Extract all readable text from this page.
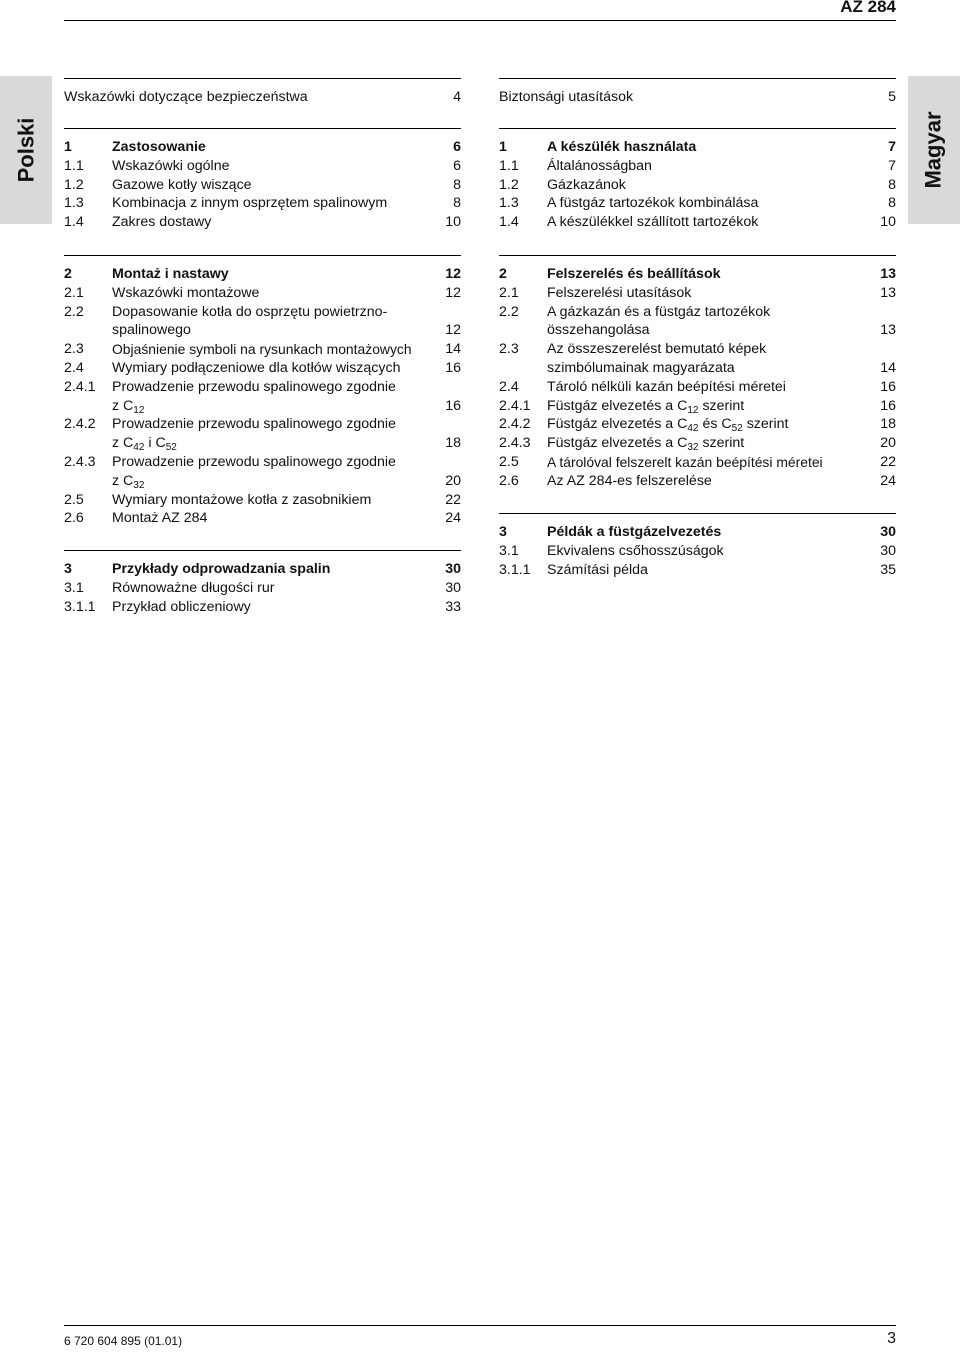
AZ 284
Polski	Magyar
Wskazówki dotyczące bezpieczeństwa	4
1	Zastosowanie	6
1.1	Wskazówki ogólne	6
1.2	Gazowe kotły wiszące	8
1.3	Kombinacja z innym osprzętem spalinowym	8
1.4	Zakres dostawy	10
2	Montaż i nastawy	12
2.1	Wskazówki montażowe	12
2.2	Dopasowanie kotła do osprzętu powietrzno-
spalinowego	12
2.3	Objaśnienie symboli na rysunkach montażowych	14
2.4	Wymiary podłączeniowe dla kotłów wiszących	16
2.4.1	Prowadzenie przewodu spalinowego zgodnie
z $C_{12}$	16
2.4.2	Prowadzenie przewodu spalinowego zgodnie
z $C_{42}$ i $C_{52}$	18
2.4.3	Prowadzenie przewodu spalinowego zgodnie
z $C_{32}$	20
2.5	Wymiary montażowe kotła z zasobnikiem	22
2.6	Montaż AZ 284	24
3	Przykłady odprowadzania spalin	30
3.1	Równoważne długości rur	30
3.1.1	Przykład obliczeniowy	33
Biztonsági utasítások	5
1	A készülék használata	7
1.1	Általánosságban	7
1.2	Gázkazánok	8
1.3	A füstgáz tartozékok kombinálása	8
1.4	A készülékkel szállított tartozékok	10
2	Felszerelés és beállítások	13
2.1	Felszerelési utasítások	13
2.2	A gázkazán és a füstgáz tartozékok
összehangolása	13
2.3	Az összeszerelést bemutató képek
szimbólumainak magyarázata	14
2.4	Tároló nélküli kazán beépítési méretei	16
2.4.1	Füstgáz elvezetés a $C_{12}$ szerint	16
2.4.2	Füstgáz elvezetés a $C_{42}$ és $C_{52}$ szerint	18
2.4.3	Füstgáz elvezetés a $C_{32}$ szerint	20
2.5	A tárolóval felszerelt kazán beépítési méretei	22
2.6	Az AZ 284-es felszerelése	24
3	Példák a füstgázelvezetés	30
3.1	Ekvivalens csőhosszúságok	30
3.1.1	Számítási példa	35
6 720 604 895 (01.01)	3
